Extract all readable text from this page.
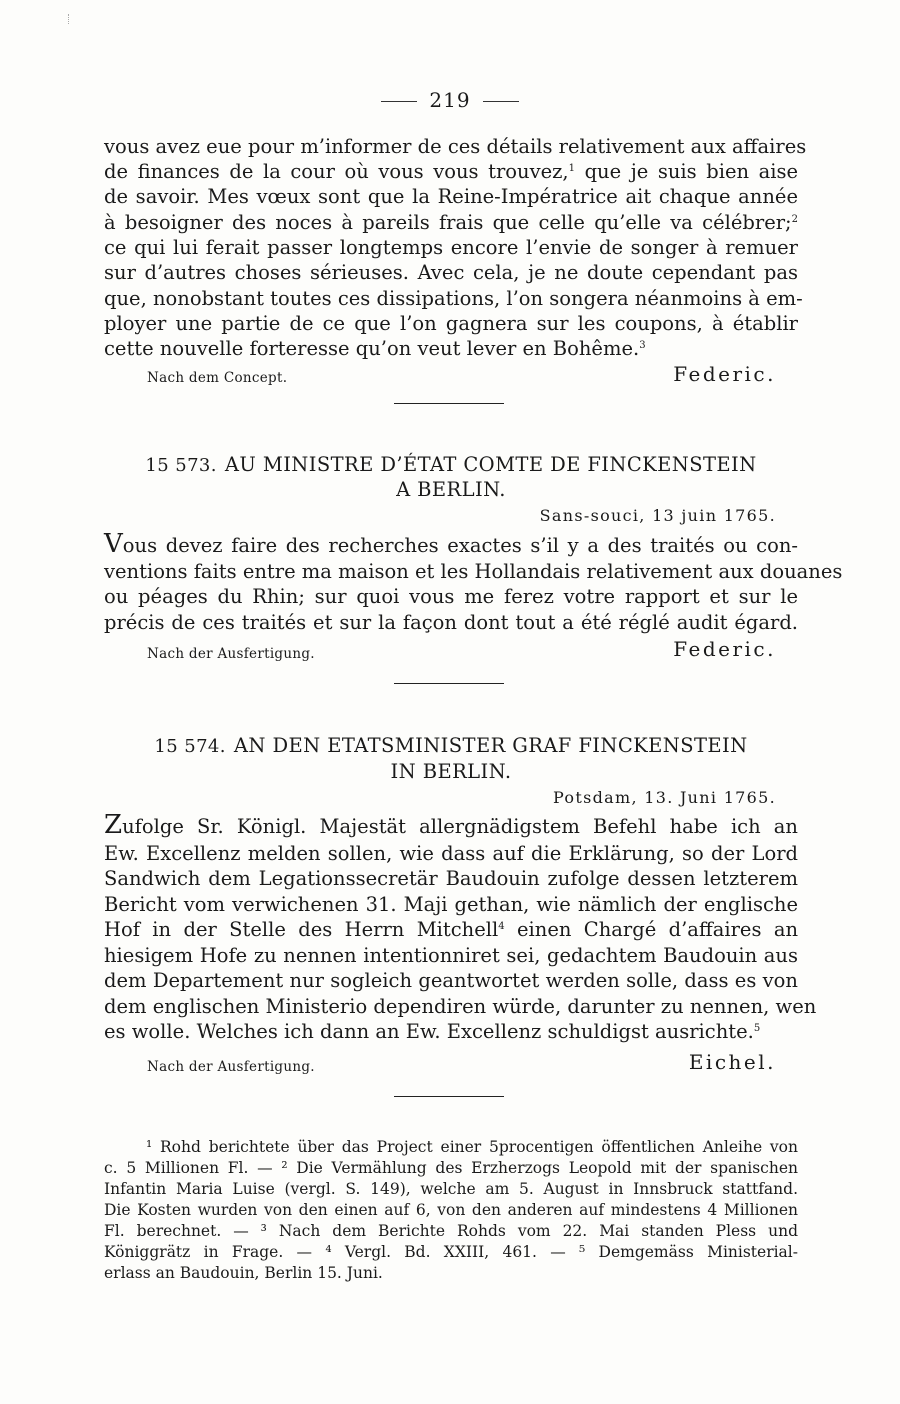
219
vous avez eue pour m’informer de ces détails relativement aux affaires
de finances de la cour où vous vous trouvez,$^1$ que je suis bien aise
de savoir. Mes vœux sont que la Reine-Impératrice ait chaque année
à besoigner des noces à pareils frais que celle qu’elle va célébrer;$^2$
ce qui lui ferait passer longtemps encore l’envie de songer à remuer
sur d’autres choses sérieuses. Avec cela, je ne doute cependant pas
que, nonobstant toutes ces dissipations, l’on songera néanmoins à em-
ployer une partie de ce que l’on gagnera sur les coupons, à établir
cette nouvelle forteresse qu’on veut lever en Bohême.$^3$
Nach dem Concept.	Federic.
15 573. AU MINISTRE D’ÉTAT COMTE DE FINCKENSTEIN
A BERLIN.
Sans-souci, 13 juin 1765.
Vous devez faire des recherches exactes s’il y a des traités ou con-
ventions faits entre ma maison et les Hollandais relativement aux douanes
ou péages du Rhin; sur quoi vous me ferez votre rapport et sur le
précis de ces traités et sur la façon dont tout a été réglé audit égard.
Nach der Ausfertigung.	Federic.
15 574. AN DEN ETATSMINISTER GRAF FINCKENSTEIN
IN BERLIN.
Potsdam, 13. Juni 1765.
Zufolge Sr. Königl. Majestät allergnädigstem Befehl habe ich an
Ew. Excellenz melden sollen, wie dass auf die Erklärung, so der Lord
Sandwich dem Legationssecretär Baudouin zufolge dessen letzterem
Bericht vom verwichenen 31. Maji gethan, wie nämlich der englische
Hof in der Stelle des Herrn Mitchell$^4$ einen Chargé d’affaires an
hiesigem Hofe zu nennen intentionniret sei, gedachtem Baudouin aus
dem Departement nur sogleich geantwortet werden solle, dass es von
dem englischen Ministerio dependiren würde, darunter zu nennen, wen
es wolle. Welches ich dann an Ew. Excellenz schuldigst ausrichte.$^5$
Nach der Ausfertigung.	Eichel.
¹ Rohd berichtete über das Project einer 5procentigen öffentlichen Anleihe von
c. 5 Millionen Fl. — ² Die Vermählung des Erzherzogs Leopold mit der spanischen
Infantin Maria Luise (vergl. S. 149), welche am 5. August in Innsbruck stattfand.
Die Kosten wurden von den einen auf 6, von den anderen auf mindestens 4 Millionen
Fl. berechnet. — ³ Nach dem Berichte Rohds vom 22. Mai standen Pless und
Königgrätz in Frage. — ⁴ Vergl. Bd. XXIII, 461. — ⁵ Demgemäss Ministerial-
erlass an Baudouin, Berlin 15. Juni.
